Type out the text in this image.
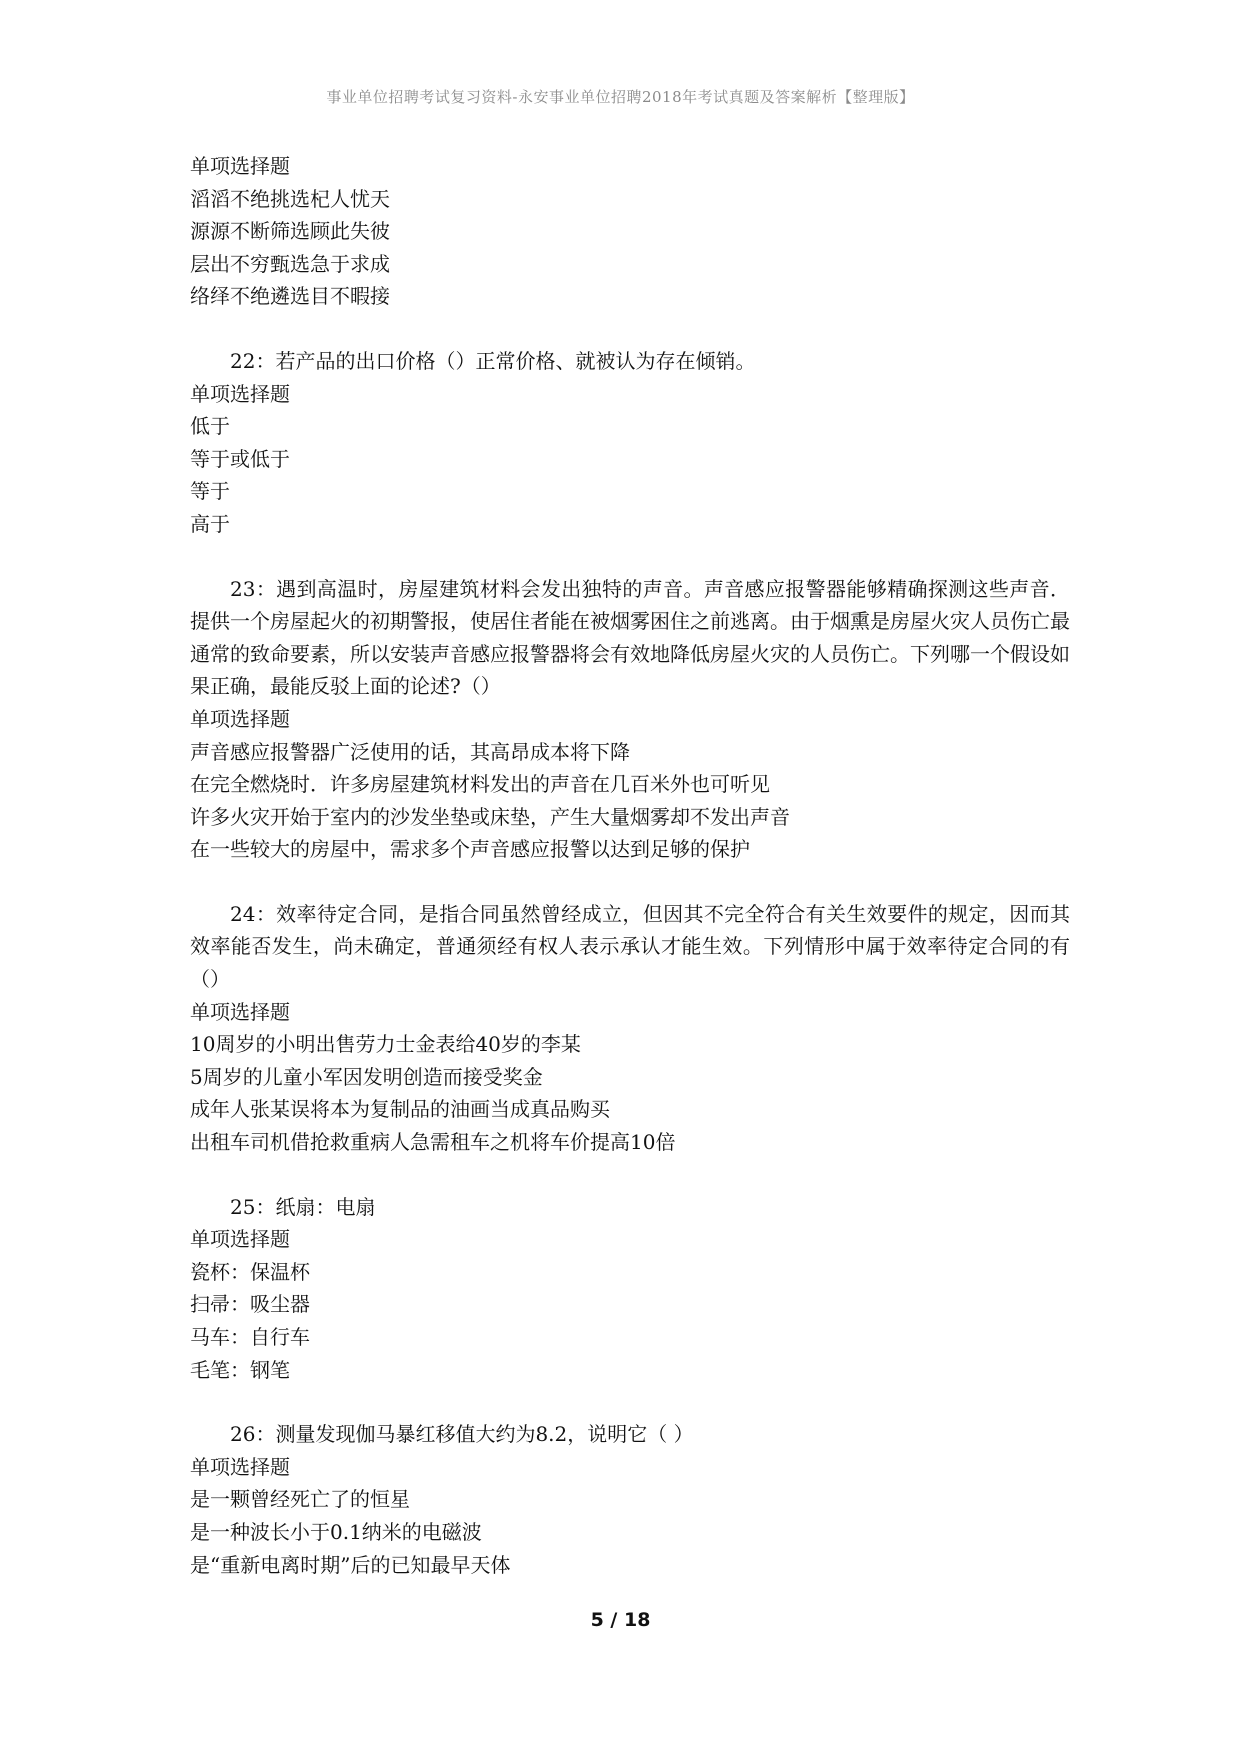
事业单位招聘考试复习资料-永安事业单位招聘2018年考试真题及答案解析【整理版】
单项选择题
滔滔不绝挑选杞人忧天
源源不断筛选顾此失彼
层出不穷甄选急于求成
络绎不绝遴选目不暇接
22：若产品的出口价格（）正常价格、就被认为存在倾销。
单项选择题
低于
等于或低于
等于
高于
23：遇到高温时，房屋建筑材料会发出独特的声音。声音感应报警器能够精确探测这些声音．提供一个房屋起火的初期警报，使居住者能在被烟雾困住之前逃离。由于烟熏是房屋火灾人员伤亡最通常的致命要素，所以安装声音感应报警器将会有效地降低房屋火灾的人员伤亡。下列哪一个假设如果正确，最能反驳上面的论述?（）
单项选择题
声音感应报警器广泛使用的话，其高昂成本将下降
在完全燃烧时．许多房屋建筑材料发出的声音在几百米外也可听见
许多火灾开始于室内的沙发坐垫或床垫，产生大量烟雾却不发出声音
在一些较大的房屋中，需求多个声音感应报警以达到足够的保护
24：效率待定合同，是指合同虽然曾经成立，但因其不完全符合有关生效要件的规定，因而其效率能否发生，尚未确定，普通须经有权人表示承认才能生效。下列情形中属于效率待定合同的有（）
单项选择题
10周岁的小明出售劳力士金表给40岁的李某
5周岁的儿童小军因发明创造而接受奖金
成年人张某误将本为复制品的油画当成真品购买
出租车司机借抢救重病人急需租车之机将车价提高10倍
25：纸扇：电扇
单项选择题
瓷杯：保温杯
扫帚：吸尘器
马车：自行车
毛笔：钢笔
26：测量发现伽马暴红移值大约为8.2，说明它（ ）
单项选择题
是一颗曾经死亡了的恒星
是一种波长小于0.1纳米的电磁波
是“重新电离时期”后的已知最早天体
5 / 18
